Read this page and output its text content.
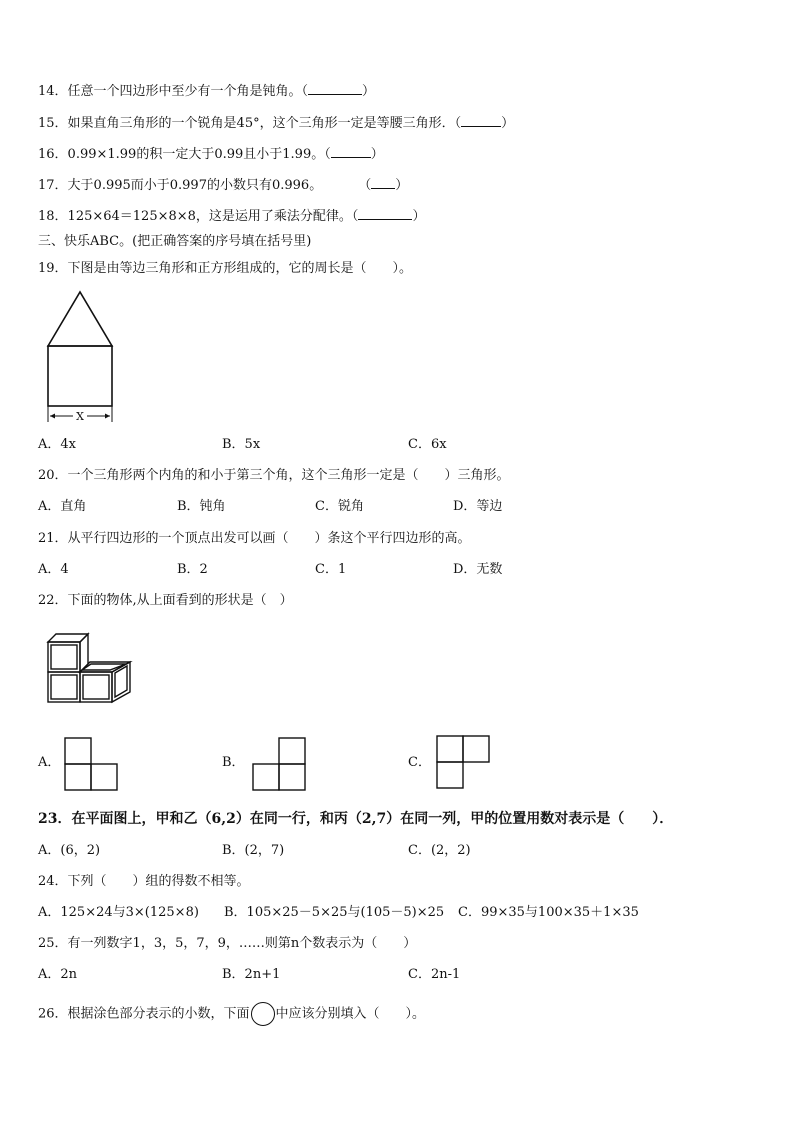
14．任意一个四边形中至少有一个角是钝角。（	）
15．如果直角三角形的一个锐角是45°，这个三角形一定是等腰三角形．（	）
16．0.99×1.99的积一定大于0.99且小于1.99。（	）
17．大于0.995而小于0.997的小数只有0.996。	（ ）
18．125×64＝125×8×8，这是运用了乘法分配律。（	）
三、快乐ABC。(把正确答案的序号填在括号里)
19．下图是由等边三角形和正方形组成的，它的周长是（　　）。
X
A．4x	B．5x	C．6x
20．一个三角形两个内角的和小于第三个角，这个三角形一定是（　　）三角形。
A．直角	B．钝角	C．锐角	D．等边
21．从平行四边形的一个顶点出发可以画（　　）条这个平行四边形的高。
A．4	B．2	C．1	D．无数
22．下面的物体,从上面看到的形状是（　）
A．	B．	C．
23．在平面图上，甲和乙（6,2）在同一行，和丙（2,7）在同一列，甲的位置用数对表示是（　　）．
A．(6，2)	B．(2，7)	C．(2，2)
24．下列（　　）组的得数不相等。
A．125×24与3×(125×8) B．105×25－5×25与(105－5)×25 C．99×35与100×35＋1×35
25．有一列数字1，3，5，7，9，……则第n个数表示为（　　）
A．2n	B．2n+1	C．2n-1
26．根据涂色部分表示的小数，下面 中应该分别填入（　　）。
